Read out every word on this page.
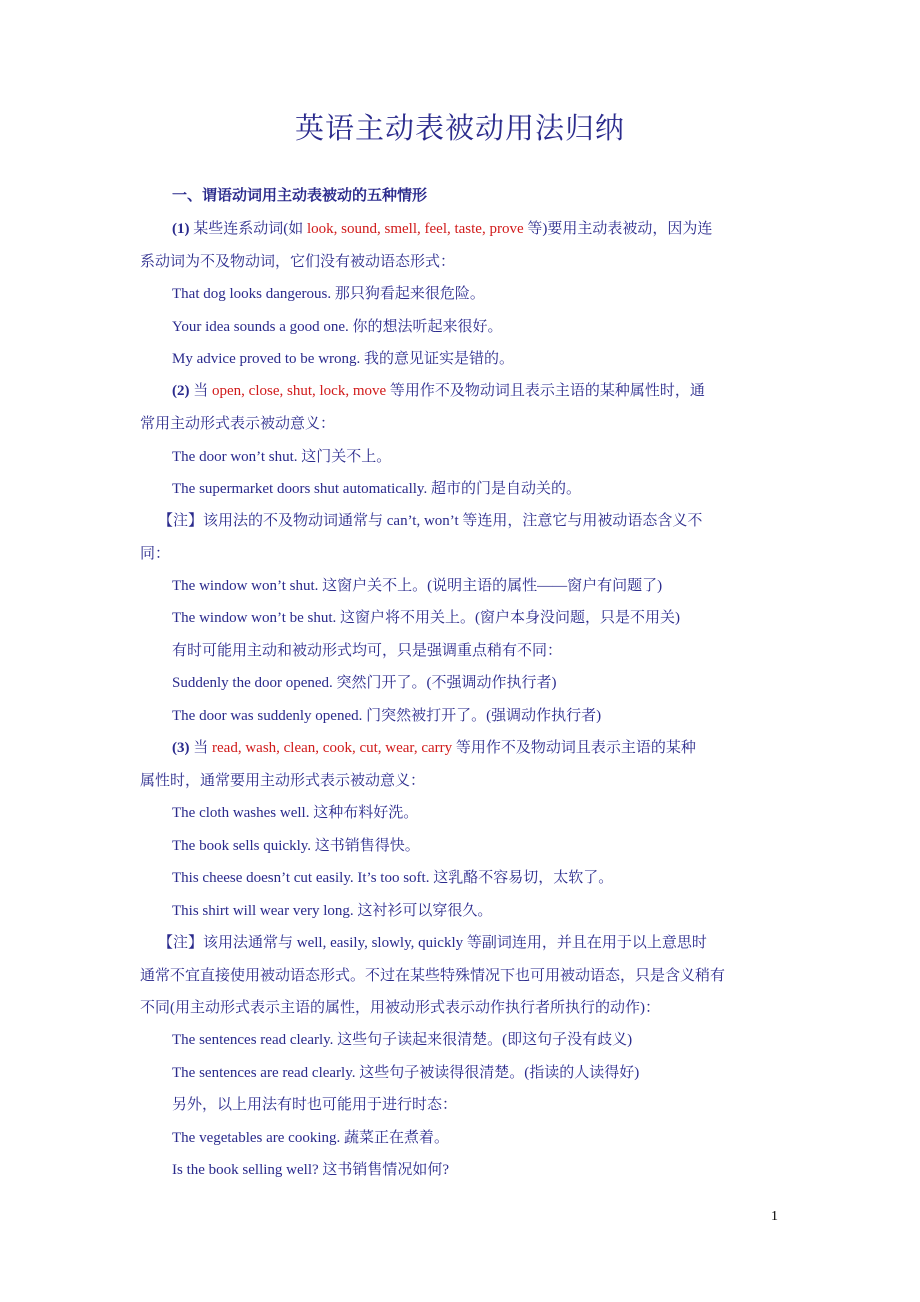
英语主动表被动用法归纳
一、谓语动词用主动表被动的五种情形
(1) 某些连系动词(如 look, sound, smell, feel, taste, prove 等)要用主动表被动，因为连
系动词为不及物动词，它们没有被动语态形式：
That dog looks dangerous. 那只狗看起来很危险。
Your idea sounds a good one. 你的想法听起来很好。
My advice proved to be wrong. 我的意见证实是错的。
(2) 当 open, close, shut, lock, move 等用作不及物动词且表示主语的某种属性时，通
常用主动形式表示被动意义：
The door won’t shut. 这门关不上。
The supermarket doors shut automatically. 超市的门是自动关的。
【注】该用法的不及物动词通常与 can’t, won’t 等连用，注意它与用被动语态含义不
同：
The window won’t shut. 这窗户关不上。(说明主语的属性——窗户有问题了)
The window won’t be shut. 这窗户将不用关上。(窗户本身没问题，只是不用关)
有时可能用主动和被动形式均可，只是强调重点稍有不同：
Suddenly the door opened. 突然门开了。(不强调动作执行者)
The door was suddenly opened. 门突然被打开了。(强调动作执行者)
(3) 当 read, wash, clean, cook, cut, wear, carry 等用作不及物动词且表示主语的某种
属性时，通常要用主动形式表示被动意义：
The cloth washes well. 这种布料好洗。
The book sells quickly. 这书销售得快。
This cheese doesn’t cut easily. It’s too soft. 这乳酪不容易切，太软了。
This shirt will wear very long. 这衬衫可以穿很久。
【注】该用法通常与 well, easily, slowly, quickly 等副词连用，并且在用于以上意思时
通常不宜直接使用被动语态形式。不过在某些特殊情况下也可用被动语态，只是含义稍有
不同(用主动形式表示主语的属性，用被动形式表示动作执行者所执行的动作)：
The sentences read clearly. 这些句子读起来很清楚。(即这句子没有歧义)
The sentences are read clearly. 这些句子被读得很清楚。(指读的人读得好)
另外，以上用法有时也可能用于进行时态：
The vegetables are cooking. 蔬菜正在煮着。
Is the book selling well? 这书销售情况如何?
1
